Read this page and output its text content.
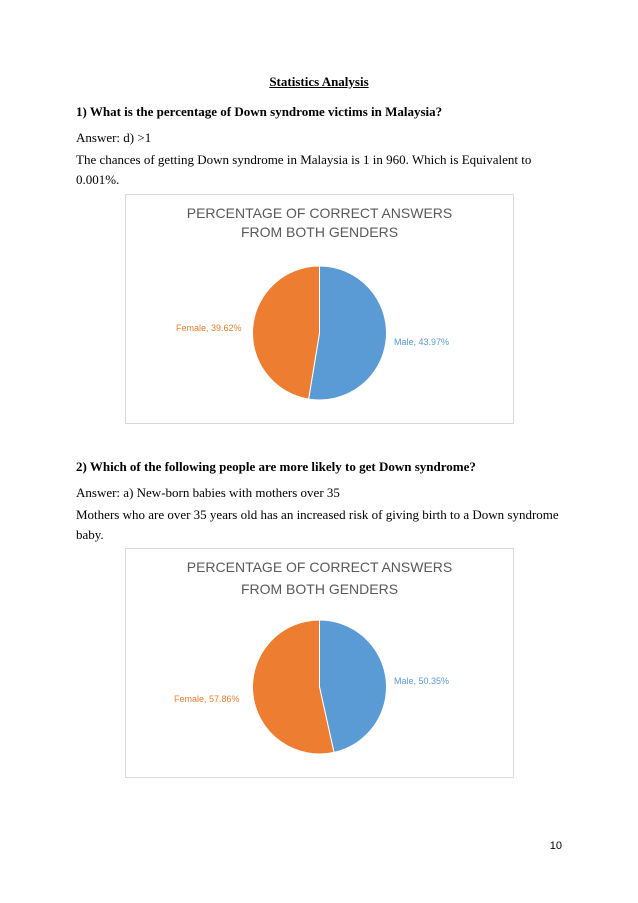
Statistics Analysis
1) What is the percentage of Down syndrome victims in Malaysia?
Answer: d) >1
The chances of getting Down syndrome in Malaysia is 1 in 960. Which is Equivalent to
0.001%.
PERCENTAGE OF CORRECT ANSWERS
FROM BOTH GENDERS
Male, 43.97%
Female, 39.62%
2) Which of the following people are more likely to get Down syndrome?
Answer: a) New-born babies with mothers over 35
Mothers who are over 35 years old has an increased risk of giving birth to a Down syndrome
baby.
PERCENTAGE OF CORRECT ANSWERS
FROM BOTH GENDERS
Male, 50.35%
Female, 57.86%
10
